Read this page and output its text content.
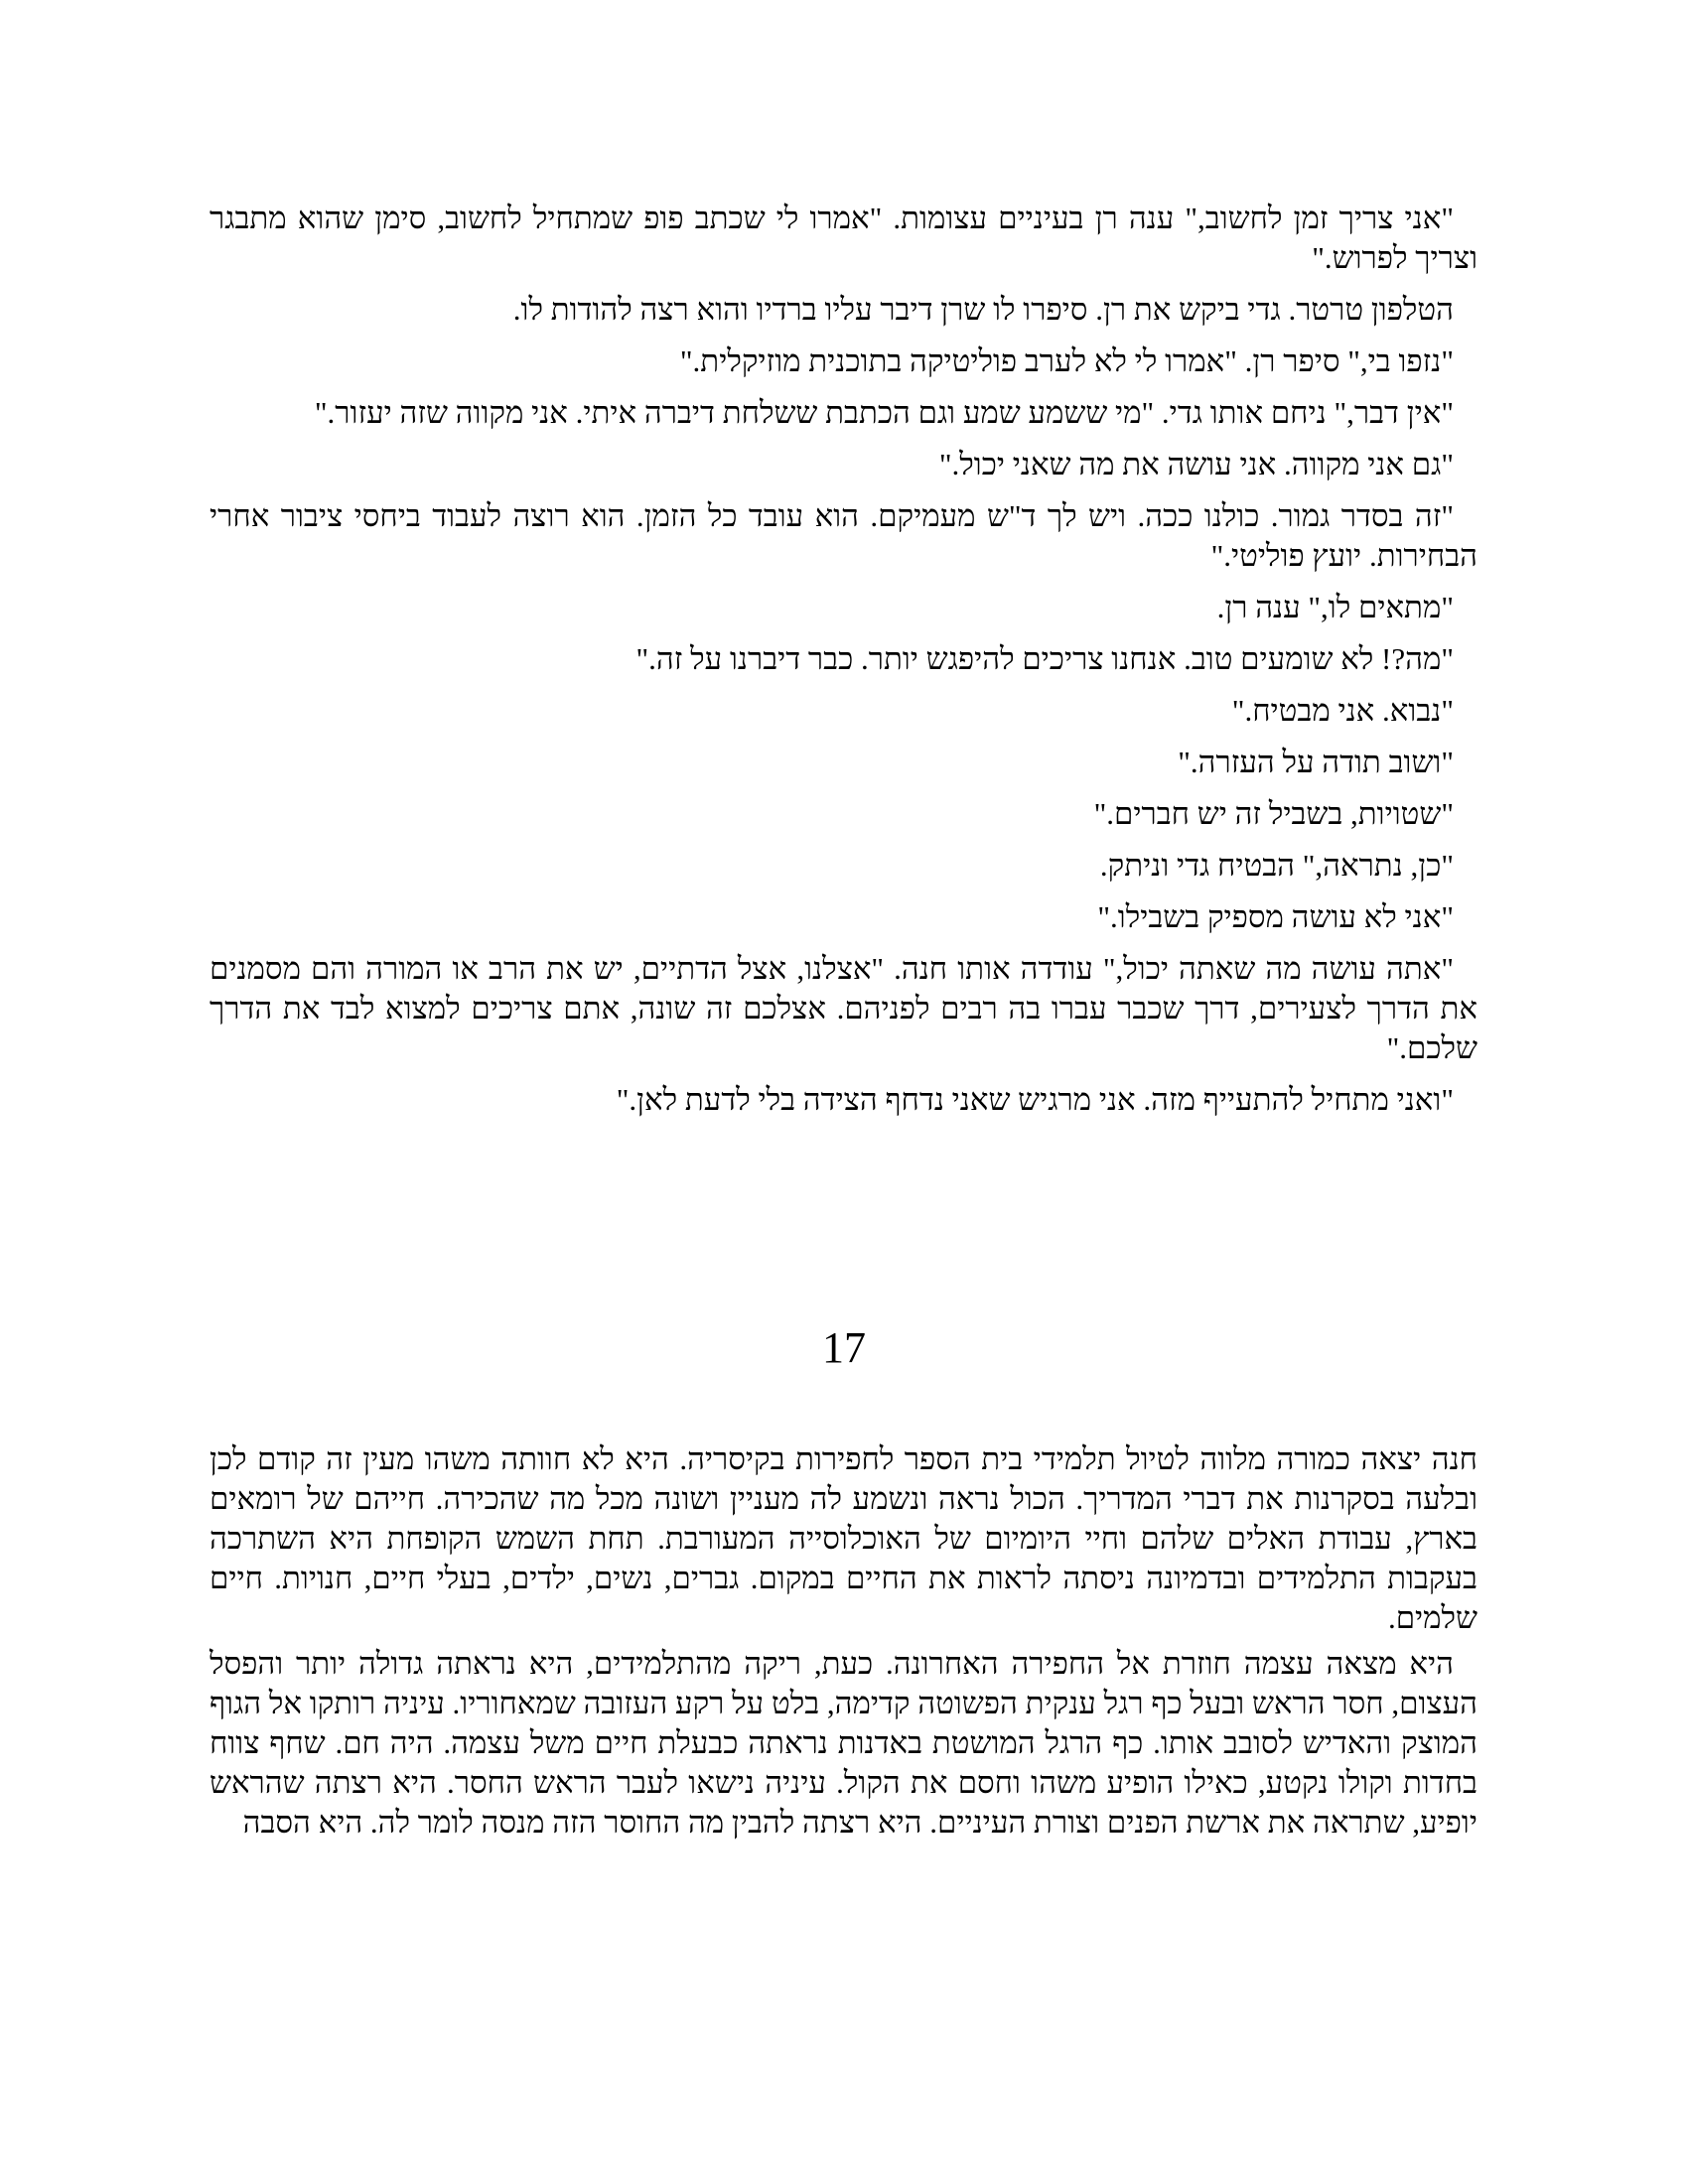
"אני צריך זמן לחשוב," ענה רן בעיניים עצומות. "אמרו לי שכתב פופ שמתחיל לחשוב, סימן שהוא מתבגר וצריך לפרוש."

הטלפון טרטר. גדי ביקש את רן. סיפרו לו שרן דיבר עליו ברדיו והוא רצה להודות לו.

"נזפו בי," סיפר רן. "אמרו לי לא לערב פוליטיקה בתוכנית מוזיקלית."

"אין דבר," ניחם אותו גדי. "מי ששמע שמע וגם הכתבת ששלחת דיברה איתי. אני מקווה שזה יעזור."

"גם אני מקווה. אני עושה את מה שאני יכול."

"זה בסדר גמור. כולנו ככה. ויש לך ד"ש מעמיקם. הוא עובד כל הזמן. הוא רוצה לעבוד ביחסי ציבור אחרי הבחירות. יועץ פוליטי."

"מתאים לו," ענה רן.

"מה?! לא שומעים טוב. אנחנו צריכים להיפגש יותר. כבר דיברנו על זה."

"נבוא. אני מבטיח."

"ושוב תודה על העזרה."

"שטויות, בשביל זה יש חברים."

"כן, נתראה," הבטיח גדי וניתק.

"אני לא עושה מספיק בשבילו."

"אתה עושה מה שאתה יכול," עודדה אותו חנה. "אצלנו, אצל הדתיים, יש את הרב או המורה והם מסמנים את הדרך לצעירים, דרך שכבר עברו בה רבים לפניהם. אצלכם זה שונה, אתם צריכים למצוא לבד את הדרך שלכם."

"ואני מתחיל להתעייף מזה. אני מרגיש שאני נדחף הצידה בלי לדעת לאן."

17

חנה יצאה כמורה מלווה לטיול תלמידי בית הספר לחפירות בקיסריה. היא לא חוותה משהו מעין זה קודם לכן ובלעה בסקרנות את דברי המדריך. הכול נראה ונשמע לה מעניין ושונה מכל מה שהכירה. חייהם של רומאים בארץ, עבודת האלים שלהם וחיי היומיום של האוכלוסייה המעורבת. תחת השמש הקופחת היא השתרכה בעקבות התלמידים ובדמיונה ניסתה לראות את החיים במקום. גברים, נשים, ילדים, בעלי חיים, חנויות. חיים שלמים.

היא מצאה עצמה חוזרת אל החפירה האחרונה. כעת, ריקה מהתלמידים, היא נראתה גדולה יותר והפסל העצום, חסר הראש ובעל כף רגל ענקית הפשוטה קדימה, בלט על רקע העזובה שמאחוריו. עיניה רותקו אל הגוף המוצק והאדיש לסובב אותו. כף הרגל המושטת באדנות נראתה כבעלת חיים משל עצמה. היה חם. שחף צווח בחדות וקולו נקטע, כאילו הופיע משהו וחסם את הקול. עיניה נישאו לעבר הראש החסר. היא רצתה שהראש יופיע, שתראה את ארשת הפנים וצורת העיניים. היא רצתה להבין מה החוסר הזה מנסה לומר לה. היא הסבה
